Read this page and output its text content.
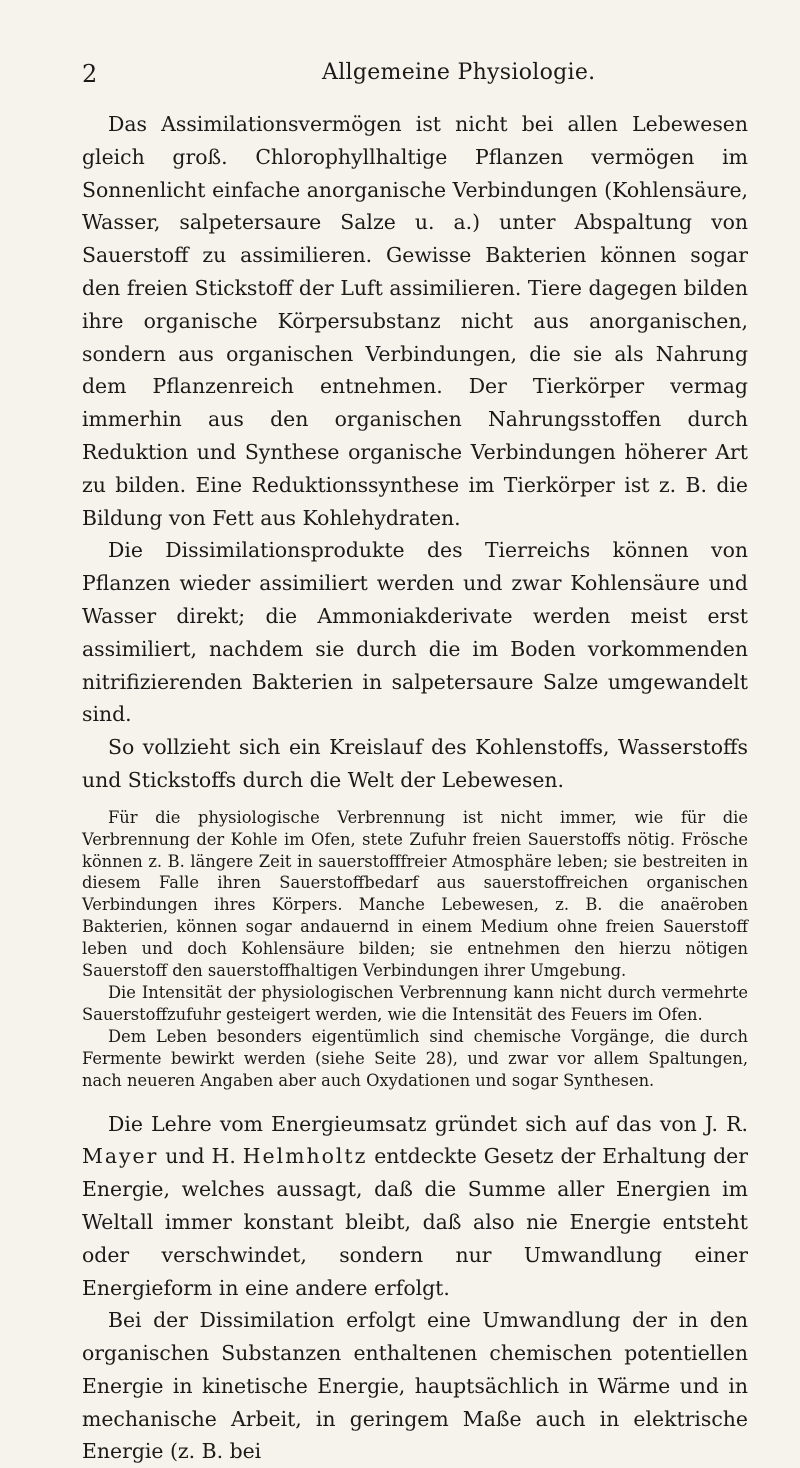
2	Allgemeine Physiologie.

Das Assimilationsvermögen ist nicht bei allen Lebewesen gleich groß. Chlorophyllhaltige Pflanzen vermögen im Sonnenlicht einfache anorganische Verbindungen (Kohlensäure, Wasser, salpetersaure Salze u. a.) unter Abspaltung von Sauerstoff zu assimilieren. Gewisse Bakterien können sogar den freien Stickstoff der Luft assimilieren. Tiere dagegen bilden ihre organische Körpersubstanz nicht aus anorganischen, sondern aus organischen Verbindungen, die sie als Nahrung dem Pflanzenreich entnehmen. Der Tierkörper vermag immerhin aus den organischen Nahrungsstoffen durch Reduktion und Synthese organische Verbindungen höherer Art zu bilden. Eine Reduktionssynthese im Tierkörper ist z. B. die Bildung von Fett aus Kohlehydraten.

Die Dissimilationsprodukte des Tierreichs können von Pflanzen wieder assimiliert werden und zwar Kohlensäure und Wasser direkt; die Ammoniakderivate werden meist erst assimiliert, nachdem sie durch die im Boden vorkommenden nitrifizierenden Bakterien in salpetersaure Salze umgewandelt sind.

So vollzieht sich ein Kreislauf des Kohlenstoffs, Wasserstoffs und Stickstoffs durch die Welt der Lebewesen.

Für die physiologische Verbrennung ist nicht immer, wie für die Verbrennung der Kohle im Ofen, stete Zufuhr freien Sauerstoffs nötig. Frösche können z. B. längere Zeit in sauerstofffreier Atmosphäre leben; sie bestreiten in diesem Falle ihren Sauerstoffbedarf aus sauerstoffreichen organischen Verbindungen ihres Körpers. Manche Lebewesen, z. B. die anaëroben Bakterien, können sogar andauernd in einem Medium ohne freien Sauerstoff leben und doch Kohlensäure bilden; sie entnehmen den hierzu nötigen Sauerstoff den sauerstoffhaltigen Verbindungen ihrer Umgebung.

Die Intensität der physiologischen Verbrennung kann nicht durch vermehrte Sauerstoffzufuhr gesteigert werden, wie die Intensität des Feuers im Ofen.

Dem Leben besonders eigentümlich sind chemische Vorgänge, die durch Fermente bewirkt werden (siehe Seite 28), und zwar vor allem Spaltungen, nach neueren Angaben aber auch Oxydationen und sogar Synthesen.

Die Lehre vom Energieumsatz gründet sich auf das von J. R. Mayer und H. Helmholtz entdeckte Gesetz der Erhaltung der Energie, welches aussagt, daß die Summe aller Energien im Weltall immer konstant bleibt, daß also nie Energie entsteht oder verschwindet, sondern nur Umwandlung einer Energieform in eine andere erfolgt.

Bei der Dissimilation erfolgt eine Umwandlung der in den organischen Substanzen enthaltenen chemischen potentiellen Energie in kinetische Energie, hauptsächlich in Wärme und in mechanische Arbeit, in geringem Maße auch in elektrische Energie (z. B. bei
